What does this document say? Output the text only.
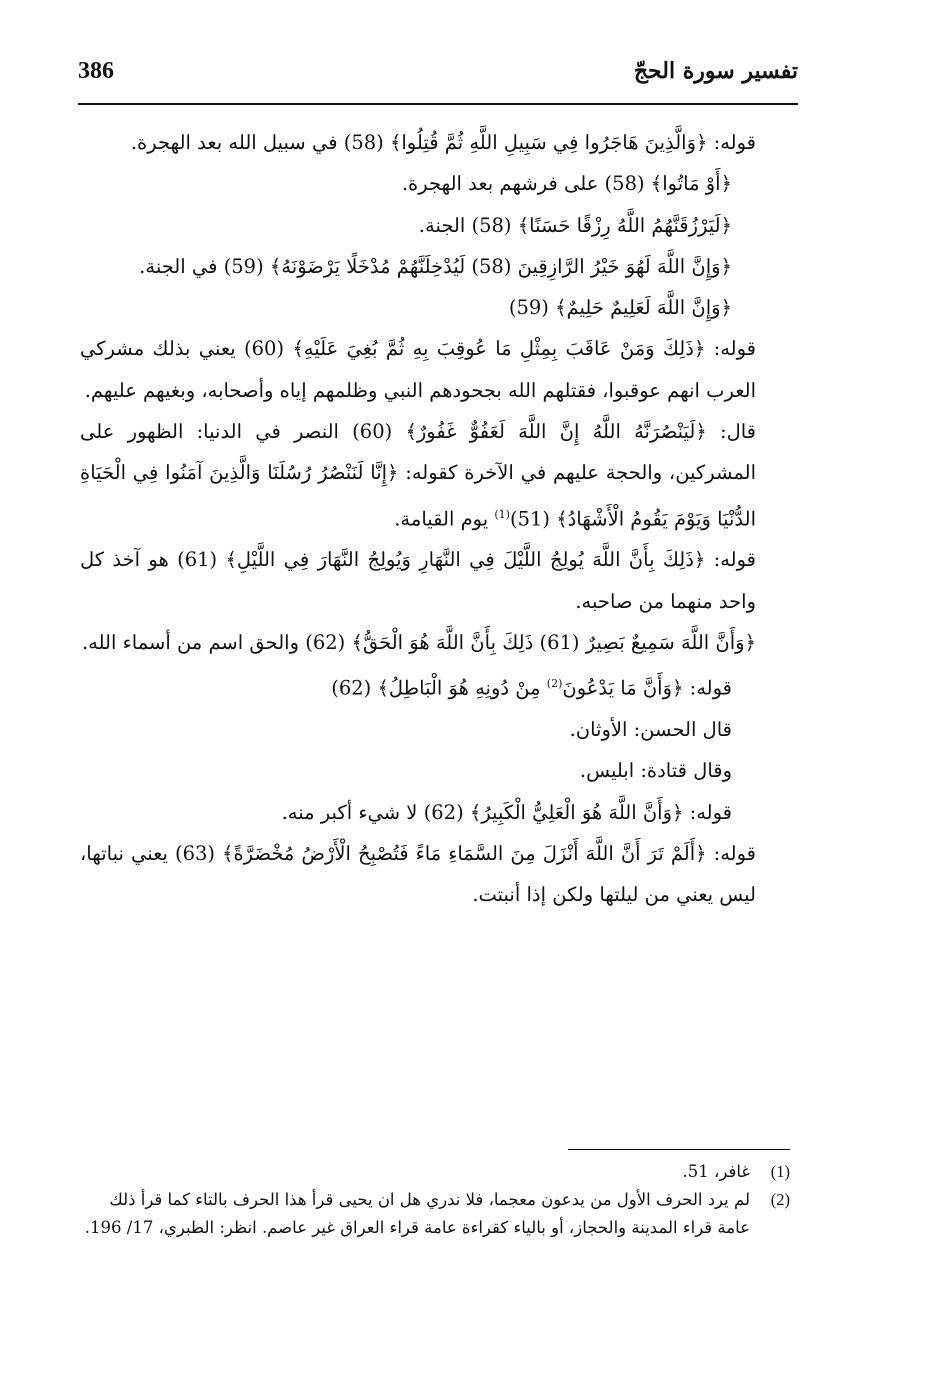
386	تفسير سورة الحجّ

قوله: ﴿وَالَّذِينَ هَاجَرُوا فِي سَبِيلِ اللَّهِ ثُمَّ قُتِلُوا﴾ (58) في سبيل الله بعد الهجرة.

﴿أَوْ مَاتُوا﴾ (58) على فرشهم بعد الهجرة.

﴿لَيَرْزُقَنَّهُمُ اللَّهُ رِزْقًا حَسَنًا﴾ (58) الجنة.

﴿وَإِنَّ اللَّهَ لَهُوَ خَيْرُ الرَّازِقِينَ (58) لَيُدْخِلَنَّهُمْ مُدْخَلًا يَرْضَوْنَهُ﴾ (59) في الجنة.

﴿وَإِنَّ اللَّهَ لَعَلِيمٌ حَلِيمٌ﴾ (59)

قوله: ﴿ذَلِكَ وَمَنْ عَاقَبَ بِمِثْلِ مَا عُوقِبَ بِهِ ثُمَّ بُغِيَ عَلَيْهِ﴾ (60) يعني بذلك مشركي العرب انهم عوقبوا، فقتلهم الله بجحودهم النبي وظلمهم إياه وأصحابه، وبغيهم عليهم.

قال: ﴿لَيَنْصُرَنَّهُ اللَّهُ إِنَّ اللَّهَ لَعَفُوٌّ غَفُورٌ﴾ (60) النصر في الدنيا: الظهور على المشركين، والحجة عليهم في الآخرة كقوله: ﴿إِنَّا لَنَنْصُرُ رُسُلَنَا وَالَّذِينَ آمَنُوا فِي الْحَيَاةِ الدُّنْيَا وَيَوْمَ يَقُومُ الْأَشْهَادُ﴾ $(51)^{(1)}$ يوم القيامة.

قوله: ﴿ذَلِكَ بِأَنَّ اللَّهَ يُولِجُ اللَّيْلَ فِي النَّهَارِ وَيُولِجُ النَّهَارَ فِي اللَّيْلِ﴾ (61) هو آخذ كل واحد منهما من صاحبه.

﴿وَأَنَّ اللَّهَ سَمِيعٌ بَصِيرٌ (61) ذَلِكَ بِأَنَّ اللَّهَ هُوَ الْحَقُّ﴾ (62) والحق اسم من أسماء الله.

قوله: ﴿وَأَنَّ مَا يَدْعُونَ$^{(2)}$ مِنْ دُونِهِ هُوَ الْبَاطِلُ﴾ (62)

قال الحسن: الأوثان.

وقال قتادة: ابليس.

قوله: ﴿وَأَنَّ اللَّهَ هُوَ الْعَلِيُّ الْكَبِيرُ﴾ (62) لا شيء أكبر منه.

قوله: ﴿أَلَمْ تَرَ أَنَّ اللَّهَ أَنْزَلَ مِنَ السَّمَاءِ مَاءً فَتُصْبِحُ الْأَرْضُ مُخْضَرَّةً﴾ (63) يعني نباتها، ليس يعني من ليلتها ولكن إذا أنبتت.

(1)
غافر، 51.
(2)
لم يرد الحرف الأول من يدعون معجما، فلا ندري هل ان يحيى قرأ هذا الحرف بالتاء كما قرأ ذلك عامة قراء المدينة والحجاز، أو بالياء كقراءة عامة قراء العراق غير عاصم. انظر: الطبري، 17/ 196.
